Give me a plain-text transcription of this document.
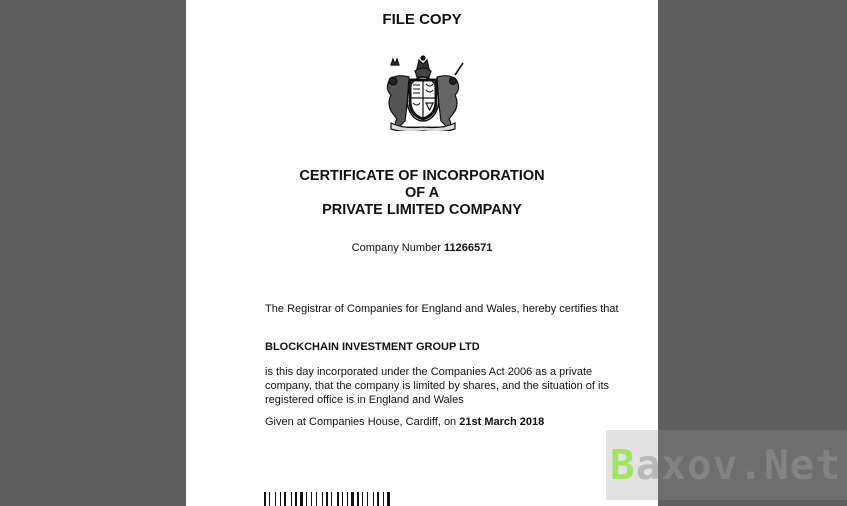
FILE COPY
CERTIFICATE OF INCORPORATION
OF A
PRIVATE LIMITED COMPANY
Company Number 11266571
The Registrar of Companies for England and Wales, hereby certifies that
BLOCKCHAIN INVESTMENT GROUP LTD
is this day incorporated under the Companies Act 2006 as a private company, that the company is limited by shares, and the situation of its registered office is in England and Wales
Given at Companies House, Cardiff, on 21st March 2018
Baxov.Net
